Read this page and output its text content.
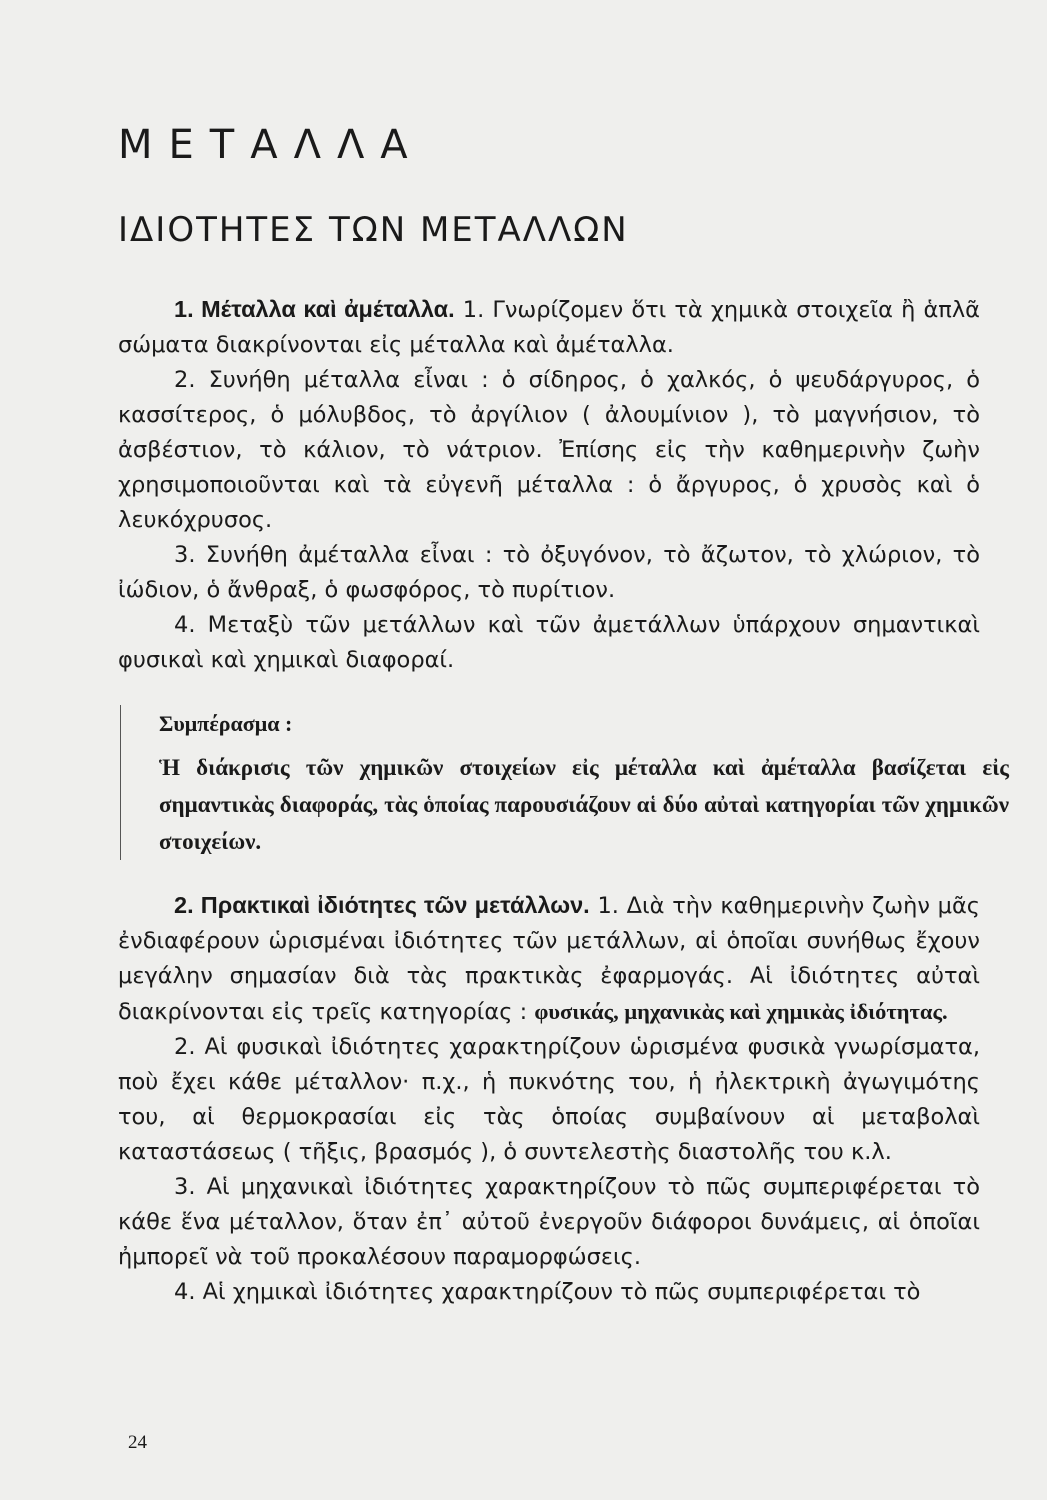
ΜΕΤΑΛΛΑ
ΙΔΙΟΤΗΤΕΣ ΤΩΝ ΜΕΤΑΛΛΩΝ

1. Μέταλλα καὶ ἀμέταλλα. 1. Γνωρίζομεν ὅτι τὰ χημικὰ στοιχεῖα ἢ ἁπλᾶ σώματα διακρίνονται εἰς μέταλλα καὶ ἀμέταλλα.

2. Συνήθη μέταλλα εἶναι : ὁ σίδηρος, ὁ χαλκός, ὁ ψευδάργυρος, ὁ κασσίτερος, ὁ μόλυβδος, τὸ ἀργίλιον ( ἀλουμίνιον ), τὸ μαγνήσιον, τὸ ἀσβέστιον, τὸ κάλιον, τὸ νάτριον. Ἐπίσης εἰς τὴν καθημερινὴν ζωὴν χρησιμοποιοῦνται καὶ τὰ εὐγενῆ μέταλλα : ὁ ἄργυρος, ὁ χρυσὸς καὶ ὁ λευκόχρυσος.

3. Συνήθη ἀμέταλλα εἶναι : τὸ ὀξυγόνον, τὸ ἄζωτον, τὸ χλώριον, τὸ ἰώδιον, ὁ ἄνθραξ, ὁ φωσφόρος, τὸ πυρίτιον.

4. Μεταξὺ τῶν μετάλλων καὶ τῶν ἀμετάλλων ὑπάρχουν σημαντικαὶ φυσικαὶ καὶ χημικαὶ διαφοραί.

Συμπέρασμα :
Ἡ διάκρισις τῶν χημικῶν στοιχείων εἰς μέταλλα καὶ ἀμέταλλα βασίζεται εἰς σημαντικὰς διαφοράς, τὰς ὁποίας παρουσιάζουν αἱ δύο αὐταὶ κατηγορίαι τῶν χημικῶν στοιχείων.

2. Πρακτικαὶ ἰδιότητες τῶν μετάλλων. 1. Διὰ τὴν καθημερινὴν ζωὴν μᾶς ἐνδιαφέρουν ὡρισμέναι ἰδιότητες τῶν μετάλλων, αἱ ὁποῖαι συνήθως ἔχουν μεγάλην σημασίαν διὰ τὰς πρακτικὰς ἐφαρμογάς. Αἱ ἰδιότητες αὐταὶ διακρίνονται εἰς τρεῖς κατηγορίας : φυσικάς, μηχανικὰς καὶ χημικὰς ἰδιότητας.

2. Αἱ φυσικαὶ ἰδιότητες χαρακτηρίζουν ὡρισμένα φυσικὰ γνωρίσματα, ποὺ ἔχει κάθε μέταλλον· π.χ., ἡ πυκνότης του, ἡ ἠλεκτρικὴ ἀγωγιμότης του, αἱ θερμοκρασίαι εἰς τὰς ὁποίας συμβαίνουν αἱ μεταβολαὶ καταστάσεως ( τῆξις, βρασμός ), ὁ συντελεστὴς διαστολῆς του κ.λ.

3. Αἱ μηχανικαὶ ἰδιότητες χαρακτηρίζουν τὸ πῶς συμπεριφέρεται τὸ κάθε ἕνα μέταλλον, ὅταν ἐπ᾿ αὐτοῦ ἐνεργοῦν διάφοροι δυνάμεις, αἱ ὁποῖαι ἠμπορεῖ νὰ τοῦ προκαλέσουν παραμορφώσεις.

4. Αἱ χημικαὶ ἰδιότητες χαρακτηρίζουν τὸ πῶς συμπεριφέρεται τὸ

24
